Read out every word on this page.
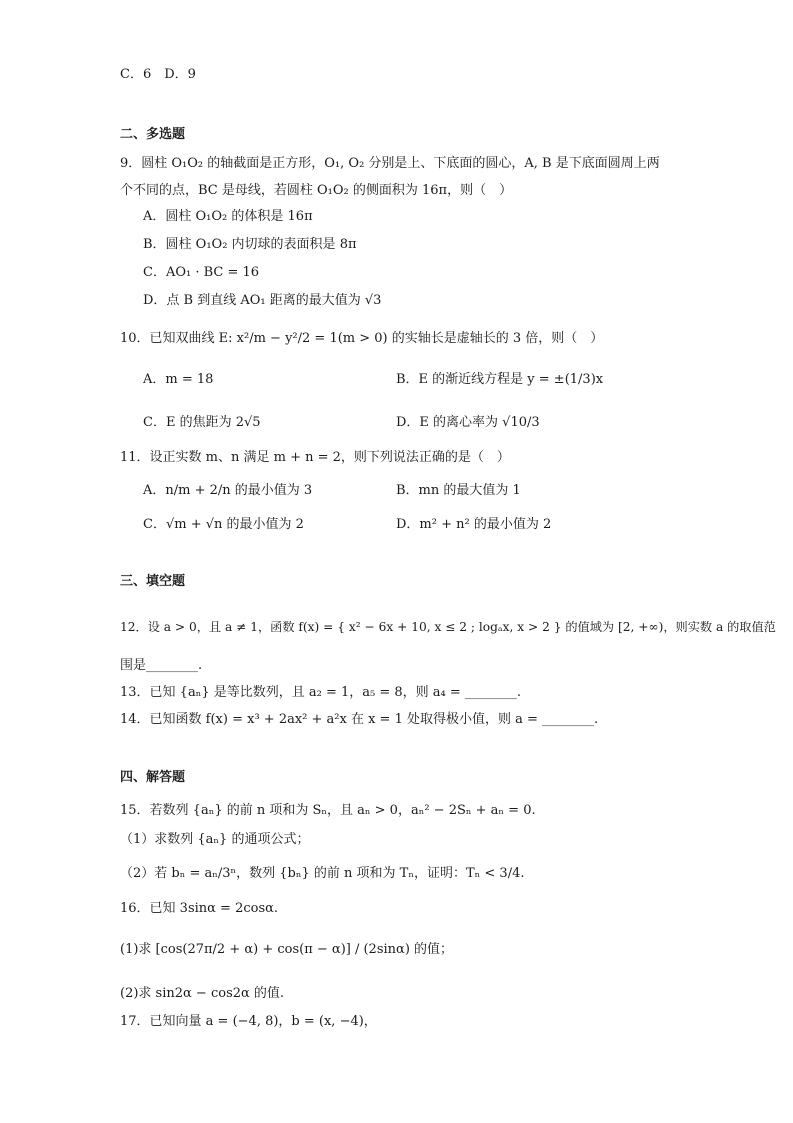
C．6　D．9
二、多选题
9．圆柱 O₁O₂ 的轴截面是正方形，O₁, O₂ 分别是上、下底面的圆心，A, B 是下底面圆周上两
个不同的点，BC 是母线，若圆柱 O₁O₂ 的侧面积为 16π，则（　）
A．圆柱 O₁O₂ 的体积是 16π
B．圆柱 O₁O₂ 内切球的表面积是 8π
C．AO₁ · BC = 16
D．点 B 到直线 AO₁ 距离的最大值为 √3
10．已知双曲线 E: x²/m − y²/2 = 1(m > 0) 的实轴长是虚轴长的 3 倍，则（　）
A．m = 18	B．E 的渐近线方程是 y = ±(1/3)x
C．E 的焦距为 2√5	D．E 的离心率为 √10/3
11．设正实数 m、n 满足 m + n = 2，则下列说法正确的是（　）
A．n/m + 2/n 的最小值为 3	B．mn 的最大值为 1
C．√m + √n 的最小值为 2	D．m² + n² 的最小值为 2
三、填空题
12．设 a > 0，且 a ≠ 1，函数 f(x) = { x² − 6x + 10, x ≤ 2 ; logₐx, x > 2 } 的值域为 [2, +∞)，则实数 a 的取值范
围是________.
13．已知 {aₙ} 是等比数列，且 a₂ = 1，a₅ = 8，则 a₄ = ________.
14．已知函数 f(x) = x³ + 2ax² + a²x 在 x = 1 处取得极小值，则 a = ________.
四、解答题
15．若数列 {aₙ} 的前 n 项和为 Sₙ，且 aₙ > 0，aₙ² − 2Sₙ + aₙ = 0.
（1）求数列 {aₙ} 的通项公式；
（2）若 bₙ = aₙ/3ⁿ，数列 {bₙ} 的前 n 项和为 Tₙ，证明：Tₙ < 3/4.
16．已知 3sinα = 2cosα.
(1)求 [cos(27π/2 + α) + cos(π − α)] / (2sinα) 的值；
(2)求 sin2α − cos2α 的值.
17．已知向量 a = (−4, 8)，b = (x, −4)，
